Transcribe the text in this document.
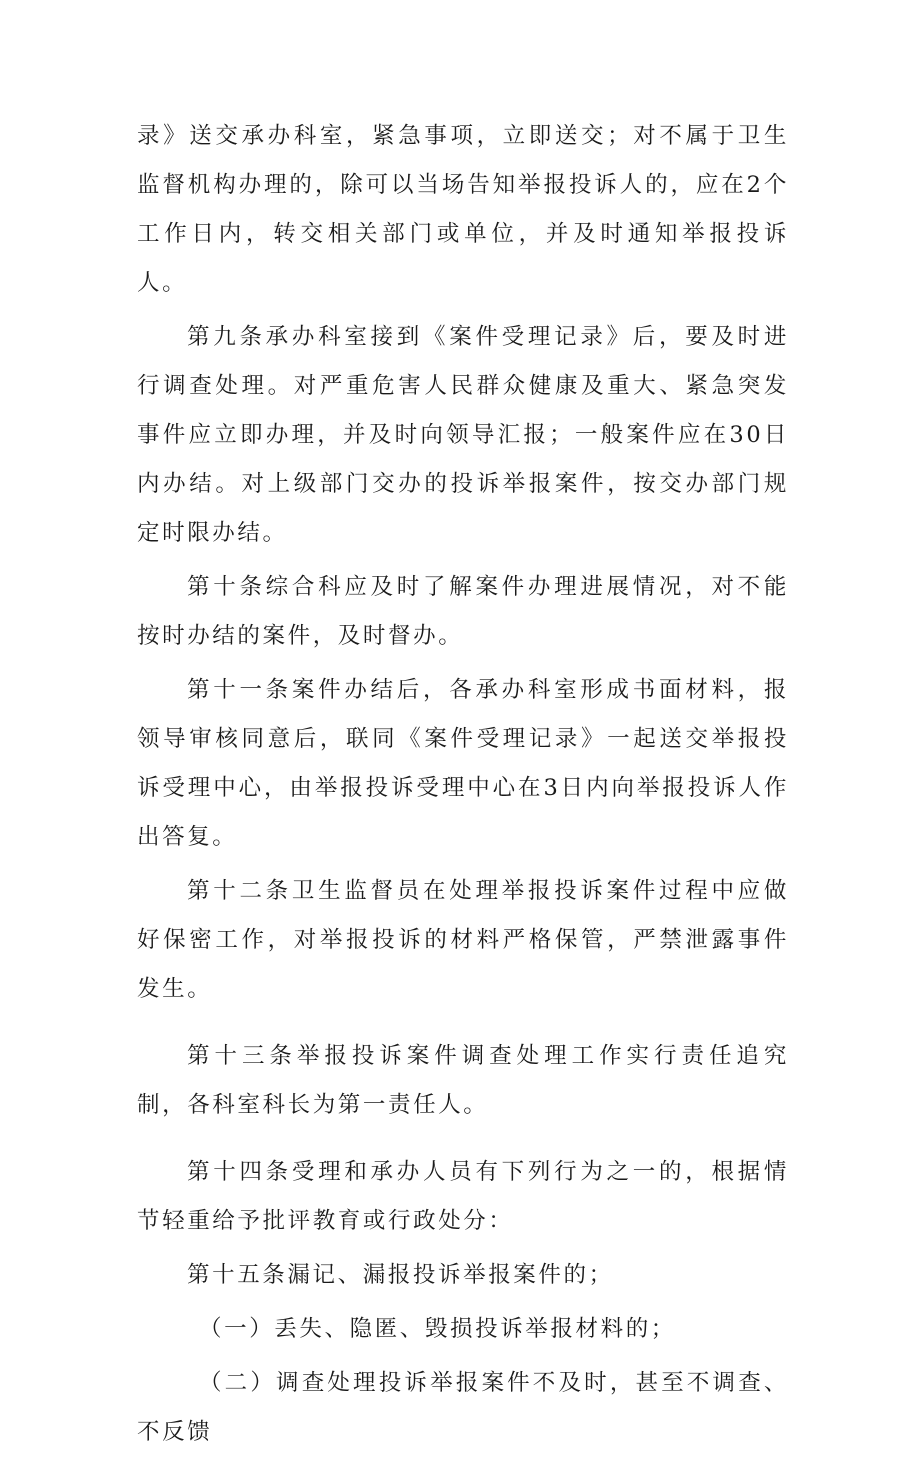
录》送交承办科室，紧急事项，立即送交；对不属于卫生监督机构办理的，除可以当场告知举报投诉人的，应在2个工作日内，转交相关部门或单位，并及时通知举报投诉人。

第九条承办科室接到《案件受理记录》后，要及时进行调查处理。对严重危害人民群众健康及重大、紧急突发事件应立即办理，并及时向领导汇报；一般案件应在30日内办结。对上级部门交办的投诉举报案件，按交办部门规定时限办结。

第十条综合科应及时了解案件办理进展情况，对不能按时办结的案件，及时督办。

第十一条案件办结后，各承办科室形成书面材料，报领导审核同意后，联同《案件受理记录》一起送交举报投诉受理中心，由举报投诉受理中心在3日内向举报投诉人作出答复。

第十二条卫生监督员在处理举报投诉案件过程中应做好保密工作，对举报投诉的材料严格保管，严禁泄露事件发生。

第十三条举报投诉案件调查处理工作实行责任追究制，各科室科长为第一责任人。

第十四条受理和承办人员有下列行为之一的，根据情节轻重给予批评教育或行政处分：

第十五条漏记、漏报投诉举报案件的；

（一）丢失、隐匿、毁损投诉举报材料的；

（二）调查处理投诉举报案件不及时，甚至不调查、不反馈
